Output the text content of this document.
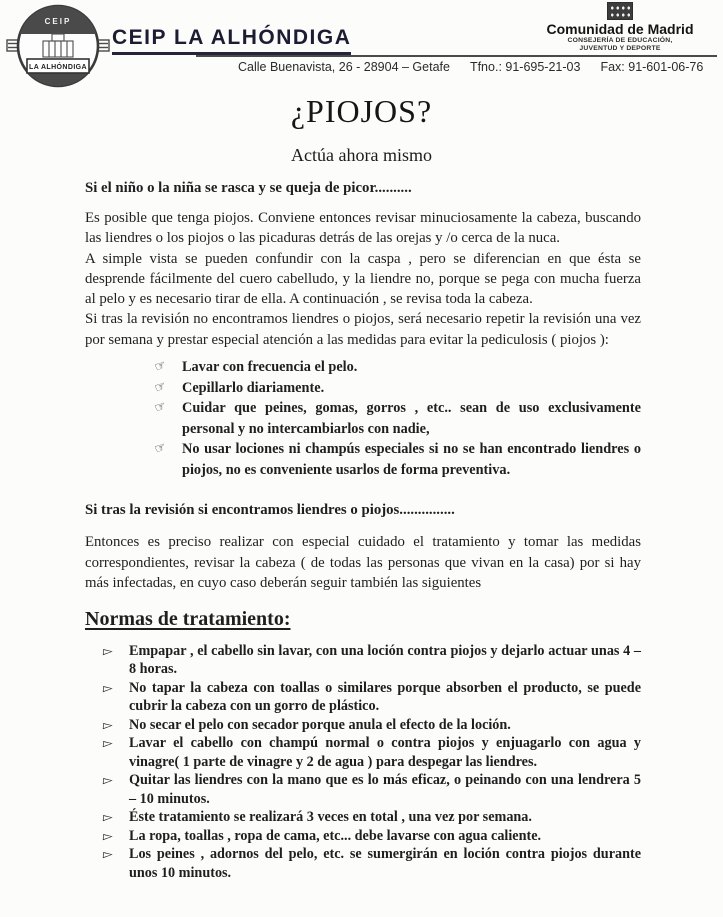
CEIP
LA ALHÓNDIGA
CEIP LA ALHÓNDIGA
Calle Buenavista, 26 - 28904 – Getafe Tfno.: 91-695-21-03 Fax: 91-601-06-76
Comunidad de Madrid
CONSEJERÍA DE EDUCACIÓN,
JUVENTUD Y DEPORTE
¿PIOJOS?
Actúa ahora mismo
Si el niño o la niña se rasca y se queja de picor..........

Es posible que tenga piojos. Conviene entonces revisar minuciosamente la cabeza, buscando las liendres o los piojos o las picaduras detrás de las orejas y /o cerca de la nuca.

A simple vista se pueden confundir con la caspa , pero se diferencian en que ésta se desprende fácilmente del cuero cabelludo, y la liendre no, porque se pega con mucha fuerza al pelo y es necesario tirar de ella. A continuación , se revisa toda la cabeza.

Si tras la revisión no encontramos liendres o piojos, será necesario repetir la revisión una vez por semana y prestar especial atención a las medidas para evitar la pediculosis ( piojos ):

☞ Lavar con frecuencia el pelo.
☞ Cepillarlo diariamente.
☞ Cuidar que peines, gomas, gorros , etc.. sean de uso exclusivamente personal y no intercambiarlos con nadie,
☞ No usar lociones ni champús especiales si no se han encontrado liendres o piojos, no es conveniente usarlos de forma preventiva.
Si tras la revisión si encontramos liendres o piojos...............

Entonces es preciso realizar con especial cuidado el tratamiento y tomar las medidas correspondientes, revisar la cabeza ( de todas las personas que vivan en la casa) por si hay más infectadas, en cuyo caso deberán seguir también las siguientes

Normas de tratamiento:
▻	Empapar , el cabello sin lavar, con una loción contra piojos y dejarlo actuar unas 4 – 8 horas.
▻	No tapar la cabeza con toallas o similares porque absorben el producto, se puede cubrir la cabeza con un gorro de plástico.
▻	No secar el pelo con secador porque anula el efecto de la loción.
▻	Lavar el cabello con champú normal o contra piojos y enjuagarlo con agua y vinagre( 1 parte de vinagre y 2 de agua ) para despegar las liendres.
▻	Quitar las liendres con la mano que es lo más eficaz, o peinando con una lendrera 5 – 10 minutos.
▻	Éste tratamiento se realizará 3 veces en total , una vez por semana.
▻	La ropa, toallas , ropa de cama, etc... debe lavarse con agua caliente.
▻	Los peines , adornos del pelo, etc. se sumergirán en loción contra piojos durante unos 10 minutos.
